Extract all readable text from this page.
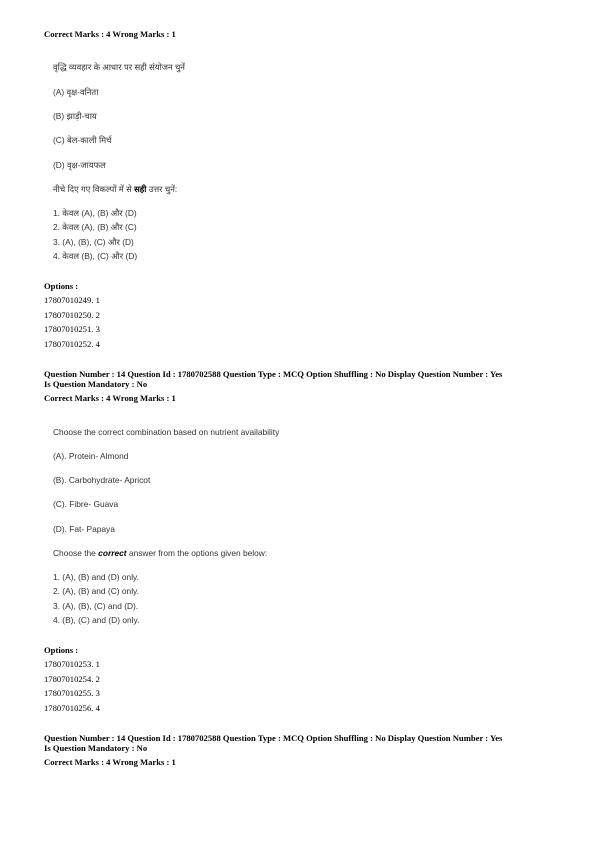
Correct Marks : 4 Wrong Marks : 1
वृद्धि व्यवहार के आधार पर सही संयोजन चुनें
(A) वृक्ष-वनिता
(B) झाड़ी-चाय
(C) बेल-काली मिर्च
(D) वृक्ष-जायफल
नीचे दिए गए विकल्पों में से सही उत्तर चुनें:
1. केवल (A), (B) और (D)
2. केवल (A), (B) और (C)
3. (A), (B), (C) और (D)
4. केवल (B), (C) और (D)
Options :
17807010249. 1
17807010250. 2
17807010251. 3
17807010252. 4
Question Number : 14 Question Id : 1780702588 Question Type : MCQ Option Shuffling : No Display Question Number : Yes
Is Question Mandatory : No
Correct Marks : 4 Wrong Marks : 1
Choose the correct combination based on nutrient availability
(A). Protein- Almond
(B). Carbohydrate- Apricot
(C). Fibre- Guava
(D). Fat- Papaya
Choose the correct answer from the options given below:
1. (A), (B) and (D) only.
2. (A), (B) and (C) only.
3. (A), (B), (C) and (D).
4. (B), (C) and (D) only.
Options :
17807010253. 1
17807010254. 2
17807010255. 3
17807010256. 4
Question Number : 14 Question Id : 1780702588 Question Type : MCQ Option Shuffling : No Display Question Number : Yes
Is Question Mandatory : No
Correct Marks : 4 Wrong Marks : 1
